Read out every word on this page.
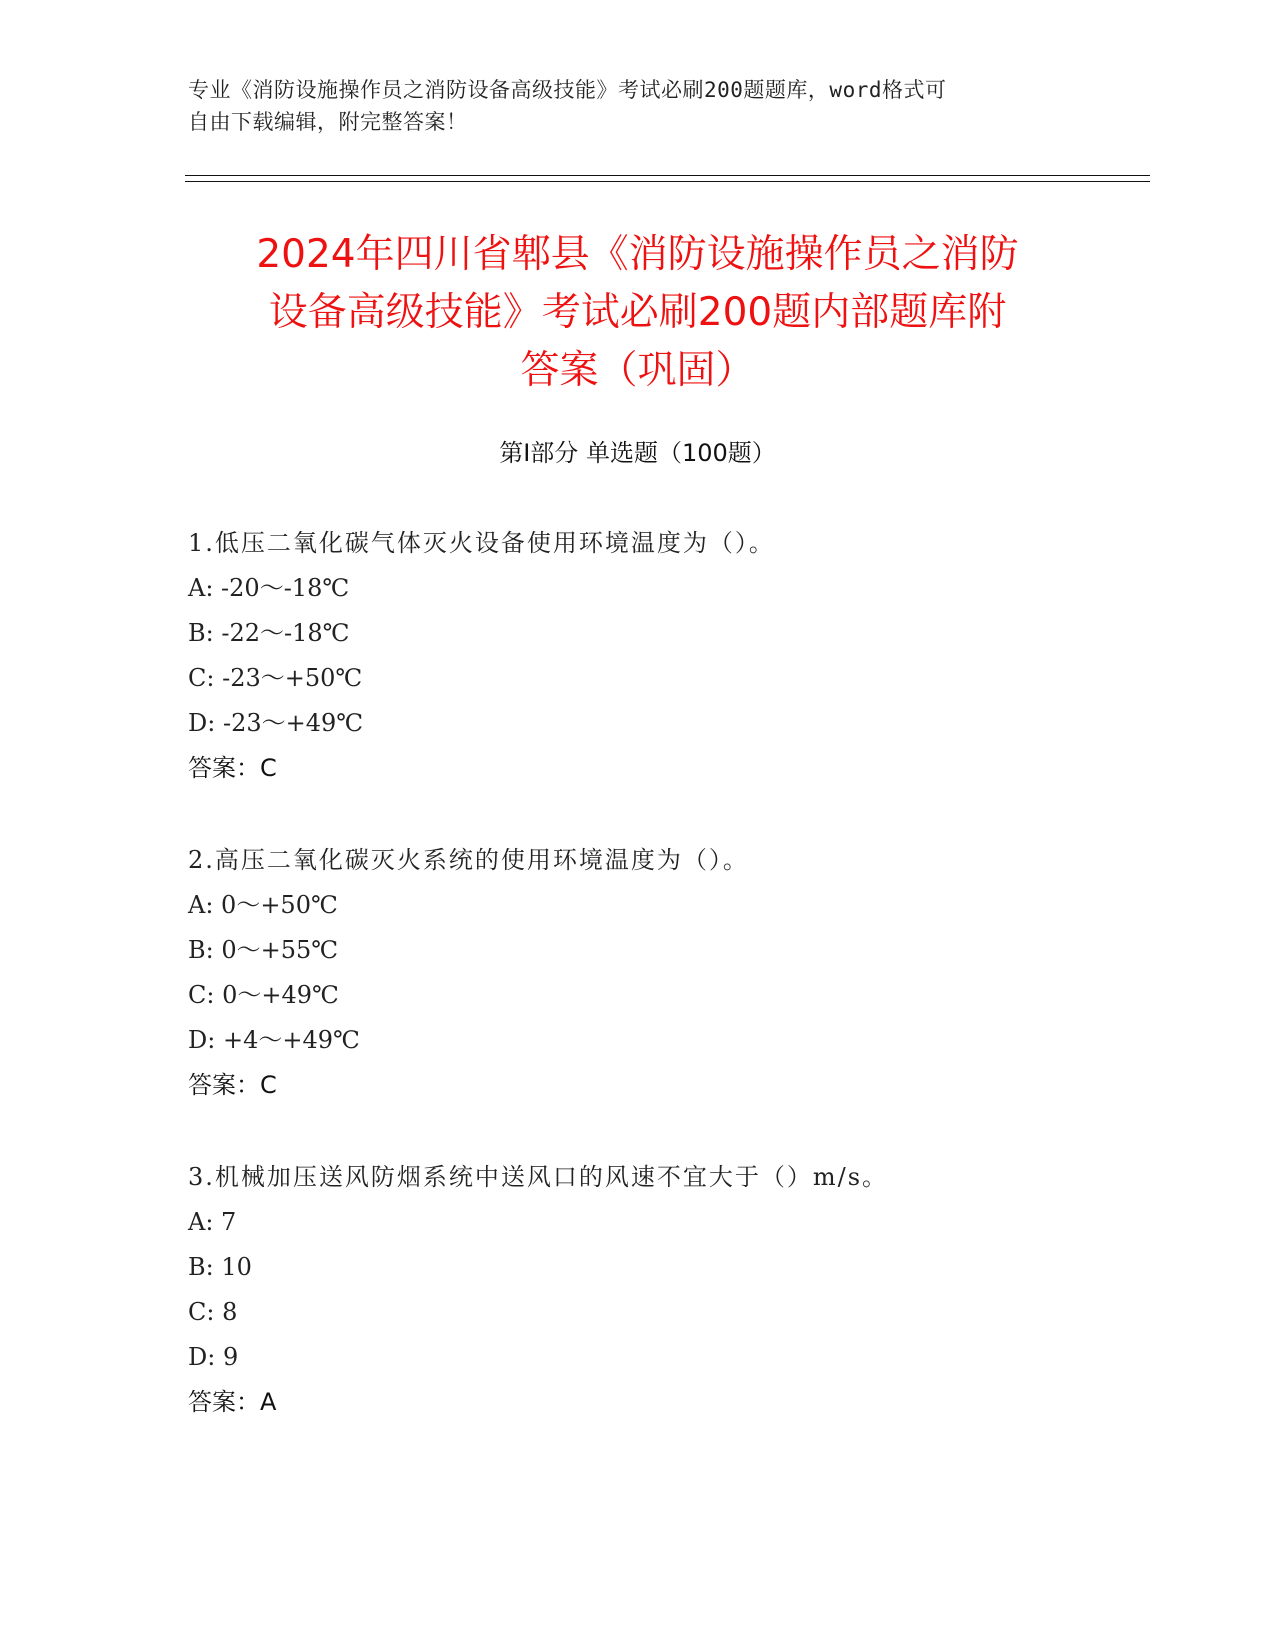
专业《消防设施操作员之消防设备高级技能》考试必刷200题题库，word格式可
自由下载编辑，附完整答案！
2024年四川省郫县《消防设施操作员之消防
设备高级技能》考试必刷200题内部题库附
答案（巩固）
第Ⅰ部分 单选题（100题）
1.低压二氧化碳气体灭火设备使用环境温度为（）。
A: -20～-18℃
B: -22～-18℃
C: -23～+50℃
D: -23～+49℃
答案：C
2.高压二氧化碳灭火系统的使用环境温度为（）。
A: 0～+50℃
B: 0～+55℃
C: 0～+49℃
D: +4～+49℃
答案：C
3.机械加压送风防烟系统中送风口的风速不宜大于（）m/s。
A: 7
B: 10
C: 8
D: 9
答案：A
